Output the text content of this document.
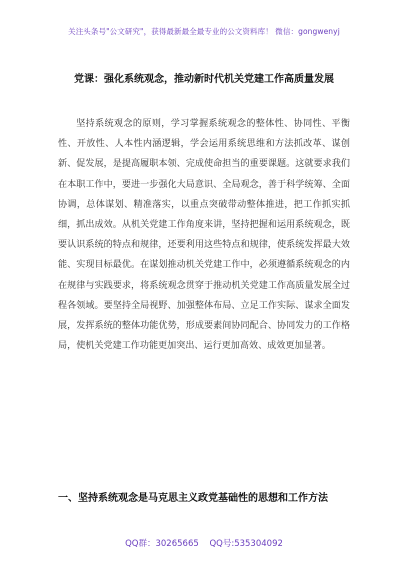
关注头条号"公文研究"，获得最新最全最专业的公文资料库！ 微信：gongwenyj
党课：强化系统观念，推动新时代机关党建工作高质量发展

坚持系统观念的原则，学习掌握系统观念的整体性、协同性、平衡性、开放性、人本性内涵逻辑，学会运用系统思维和方法抓改革、谋创新、促发展，是提高履职本领、完成使命担当的重要课题。这就要求我们在本职工作中，要进一步强化大局意识、全局观念，善于科学统筹、全面协调，总体谋划、精准落实，以重点突破带动整体推进，把工作抓实抓细，抓出成效。从机关党建工作角度来讲，坚持把握和运用系统观念，既要认识系统的特点和规律，还要利用这些特点和规律，使系统发挥最大效能、实现目标最优。在谋划推动机关党建工作中，必须遵循系统观念的内在规律与实践要求，将系统观念贯穿于推动机关党建工作高质量发展全过程各领域。要坚持全局视野、加强整体布局、立足工作实际、谋求全面发展，发挥系统的整体功能优势，形成要素间协同配合、协同发力的工作格局，使机关党建工作功能更加突出、运行更加高效、成效更加显著。

一、坚持系统观念是马克思主义政党基础性的思想和工作方法
QQ群：30265665 QQ号:535304092
